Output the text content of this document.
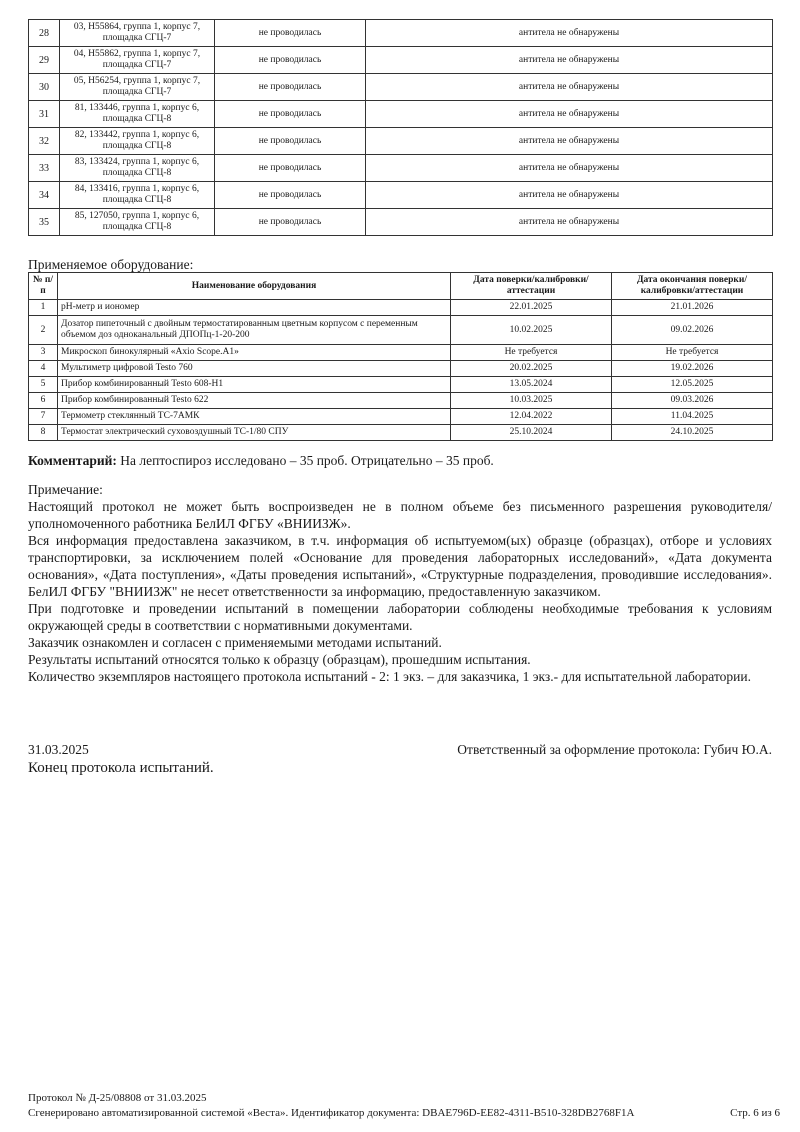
28	03, Н55864, группа 1, корпус 7, площадка СГЦ-7	не проводилась	антитела не обнаружены
29	04, Н55862, группа 1, корпус 7, площадка СГЦ-7	не проводилась	антитела не обнаружены
30	05, Н56254, группа 1, корпус 7, площадка СГЦ-7	не проводилась	антитела не обнаружены
31	81, 133446, группа 1, корпус 6, площадка СГЦ-8	не проводилась	антитела не обнаружены
32	82, 133442, группа 1, корпус 6, площадка СГЦ-8	не проводилась	антитела не обнаружены
33	83, 133424, группа 1, корпус 6, площадка СГЦ-8	не проводилась	антитела не обнаружены
34	84, 133416, группа 1, корпус 6, площадка СГЦ-8	не проводилась	антитела не обнаружены
35	85, 127050, группа 1, корпус 6, площадка СГЦ-8	не проводилась	антитела не обнаружены
Применяемое оборудование:
№ п/п	Наименование оборудования	Дата поверки/калибровки/аттестации	Дата окончания поверки/калибровки/аттестации
1	pH-метр и иономер	22.01.2025	21.01.2026
2	Дозатор пипеточный с двойным термостатированным цветным корпусом с переменным объемом доз одноканальный ДПОПц-1-20-200	10.02.2025	09.02.2026
3	Микроскоп бинокулярный «Axio Scope.A1»	Не требуется	Не требуется
4	Мультиметр цифровой Testo 760	20.02.2025	19.02.2026
5	Прибор комбинированный Testo 608-H1	13.05.2024	12.05.2025
6	Прибор комбинированный Testo 622	10.03.2025	09.03.2026
7	Термометр стеклянный ТС-7АМК	12.04.2022	11.04.2025
8	Термостат электрический суховоздушный ТС-1/80 СПУ	25.10.2024	24.10.2025
Комментарий: На лептоспироз исследовано – 35 проб. Отрицательно – 35 проб.

Примечание:

Настоящий протокол не может быть воспроизведен не в полном объеме без письменного разрешения руководителя/уполномоченного работника БелИЛ ФГБУ «ВНИИЗЖ».

Вся информация предоставлена заказчиком, в т.ч. информация об испытуемом(ых) образце (образцах), отборе и условиях транспортировки, за исключением полей «Основание для проведения лабораторных исследований», «Дата документа основания», «Дата поступления», «Даты проведения испытаний», «Структурные подразделения, проводившие исследования». БелИЛ ФГБУ "ВНИИЗЖ" не несет ответственности за информацию, предоставленную заказчиком.

При подготовке и проведении испытаний в помещении лаборатории соблюдены необходимые требования к условиям окружающей среды в соответствии с нормативными документами.

Заказчик ознакомлен и согласен с применяемыми методами испытаний.

Результаты испытаний относятся только к образцу (образцам), прошедшим испытания.

Количество экземпляров настоящего протокола испытаний - 2: 1 экз. – для заказчика, 1 экз.- для испытательной лаборатории.

31.03.2025	Ответственный за оформление протокола: Губич Ю.А.
Конец протокола испытаний.
Протокол № Д-25/08808 от 31.03.2025
Сгенерировано автоматизированной системой «Веста». Идентификатор документа: DBAE796D-EE82-4311-B510-328DB2768F1A	Стр. 6 из 6
